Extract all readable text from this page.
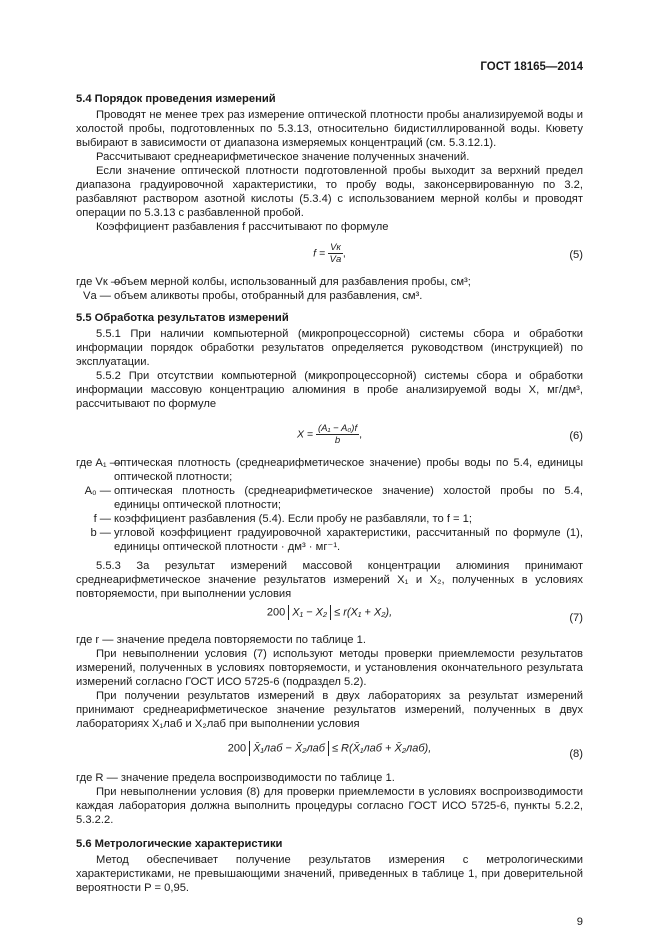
ГОСТ 18165—2014
5.4 Порядок проведения измерений
Проводят не менее трех раз измерение оптической плотности пробы анализируемой воды и холостой пробы, подготовленных по 5.3.13, относительно бидистиллированной воды. Кювету выбирают в зависимости от диапазона измеряемых концентраций (см. 5.3.12.1).
Рассчитывают среднеарифметическое значение полученных значений.
Если значение оптической плотности подготовленной пробы выходит за верхний предел диапазона градуировочной характеристики, то пробу воды, законсервированную по 3.2, разбавляют раствором азотной кислоты (5.3.4) с использованием мерной колбы и проводят операции по 5.3.13 с разбавленной пробой.
Коэффициент разбавления f рассчитывают по формуле
$f = \frac{Vк}{Vа}$ ,	(5)
где Vк —
объем мерной колбы, использованный для разбавления пробы, см³;
Vа — объем аликвоты пробы, отобранный для разбавления, см³.
5.5 Обработка результатов измерений
5.5.1 При наличии компьютерной (микропроцессорной) системы сбора и обработки информации порядок обработки результатов определяется руководством (инструкцией) по эксплуатации.
5.5.2 При отсутствии компьютерной (микропроцессорной) системы сбора и обработки информации массовую концентрацию алюминия в пробе анализируемой воды X, мг/дм³, рассчитывают по формуле
$X = \frac{\text{(A₁ − A₀)f}}{b}$ ,	(6)
где A₁ —
оптическая плотность (среднеарифметическое значение) пробы воды по 5.4, единицы оптической плотности;
A₀ — оптическая плотность (среднеарифметическое значение) холостой пробы по 5.4, единицы оптической плотности;
f — коэффициент разбавления (5.4). Если пробу не разбавляли, то f = 1;
b — угловой коэффициент градуировочной характеристики, рассчитанный по формуле (1), единицы оптической плотности · дм³ · мг⁻¹.
5.5.3 За результат измерений массовой концентрации алюминия принимают среднеарифметическое значение результатов измерений X₁ и X₂, полученных в условиях повторяемости, при выполнении условия
200 X₁ − X₂ ≤ r(X₁ + X₂),	(7)
где r — значение предела повторяемости по таблице 1.
При невыполнении условия (7) используют методы проверки приемлемости результатов измерений, полученных в условиях повторяемости, и установления окончательного результата измерений согласно ГОСТ ИСО 5725-6 (подраздел 5.2).
При получении результатов измерений в двух лабораториях за результат измерений принимают среднеарифметическое значение результатов измерений, полученных в двух лабораториях X₁лаб и X₂лаб при выполнении условия
200 X̄₁лаб − X̄₂лаб ≤ R(X̄₁лаб + X̄₂лаб),	(8)
где R — значение предела воспроизводимости по таблице 1.
При невыполнении условия (8) для проверки приемлемости в условиях воспроизводимости каждая лаборатория должна выполнить процедуры согласно ГОСТ ИСО 5725-6, пункты 5.2.2, 5.3.2.2.
5.6 Метрологические характеристики
Метод обеспечивает получение результатов измерения с метрологическими характеристиками, не превышающими значений, приведенных в таблице 1, при доверительной вероятности P = 0,95.
9
